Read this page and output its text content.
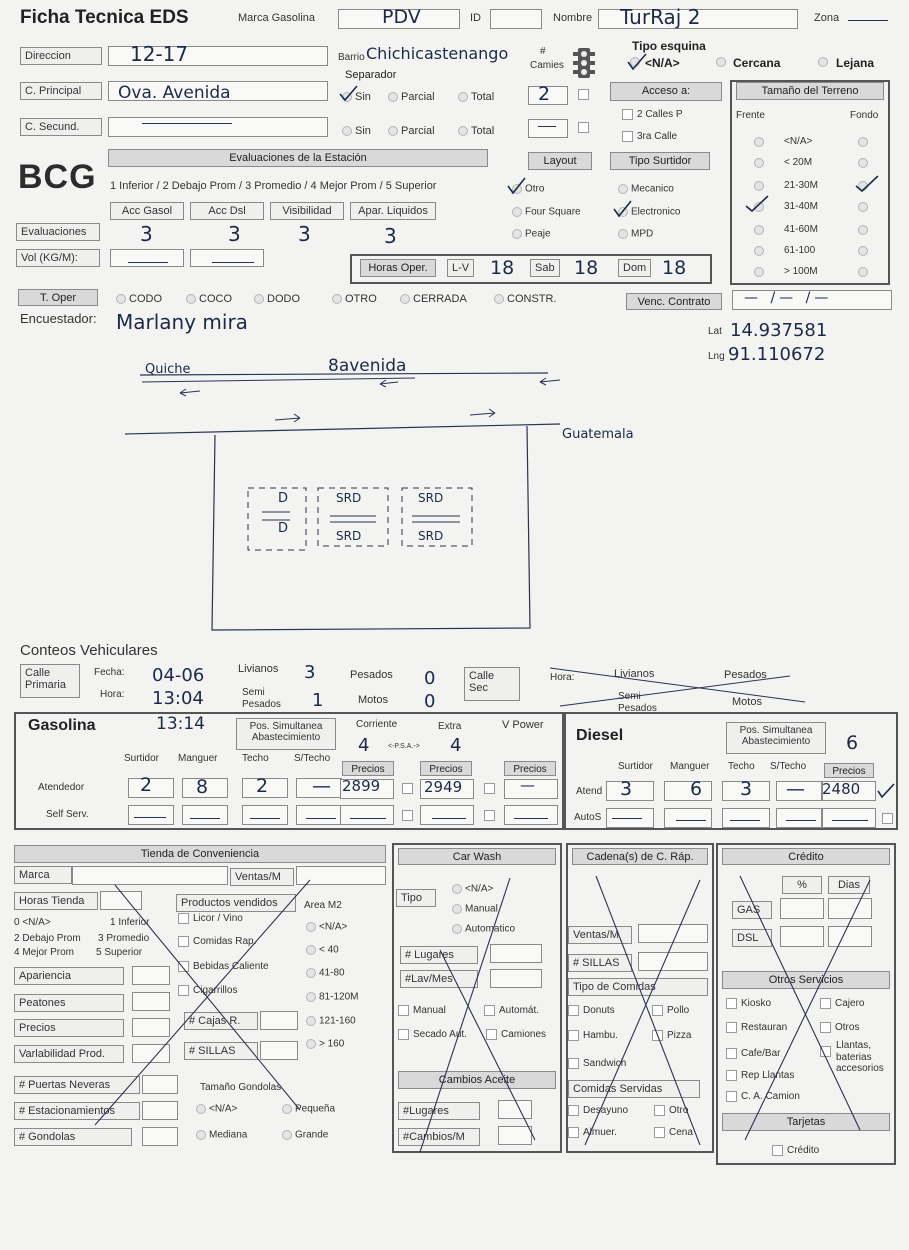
Ficha Tecnica EDS	Marca Gasolina	PDV	ID	Nombre TurRaj 2	Zona
Direccion	12-17	Barrio Chichicastenango	#
Camies
Tipo esquina
<N/A>	Cercana	Lejana
Separador
C. Principal	Ova. Avenida	Sin	Parcial	Total 2	Acceso a:
2 Calles P
3ra Calle
Tamaño del Terreno
Frente	Fondo
<N/A>
< 20M
21-30M
31-40M
41-60M
61-100
> 100M
C. Secund.	Sin	Parcial	Total
BCG	Evaluaciones de la Estación
1 Inferior / 2 Debajo Prom / 3 Promedio / 4 Mejor Prom / 5 Superior
Acc Gasol	Acc Dsl	Visibilidad	Apar. Liquidos
Evaluaciones	3	3	3	3
Vol (KG/M):
Layout
Otro
Four Square
Peaje
Tipo Surtidor
Mecanico
Electronico
MPD
Horas Oper.	L-V 18	Sab 18	Dom 18
T. Oper	CODO	COCO	DODO	OTRO	CERRADA	CONSTR.	Venc. Contrato	— /— /—
Encuestador: Marlany mira	Lat 14.937581
Lng 91.110672
Quiche	8avenida
Guatemala
D
D
SRD
SRD
SRD
SRD
Conteos Vehiculares
Calle Primaria
Fecha: 04-06
Hora: 13:04
Livianos 3
Semi Pesados	1
Pesados 0
Motos 0
Calle Sec
Hora:	Livianos	Pesados
Semi Pesados
Motos
Gasolina	13:14	Pos. Simultanea Abastecimiento
Corriente
4	<-P.S.A.->
Extra
4
V Power
Surtidor Manguer Techo	S/Techo
Precios	Precios	Precios
Atendedor	2 8	2 — 2899	2949	—
Self Serv.
Diesel	Pos. Simultanea Abastecimiento	6
Surtidor Manguer Techo S/Techo	Precios
Atend 3	6 3 — 2480
AutoS
Tienda de Conveniencia
Marca	Ventas/M
Horas Tienda	Productos vendidos	Area M2
0 <N/A>	1 Inferior
2 Debajo Prom 3 Promedio
4 Mejor Prom 5 Superior
Licor / Vino
Comidas Rap.
Bebidas Caliente
Cigarrillos
<N/A>
< 40
41-80
81-120M
121-160
> 160
Apariencia
Peatones
Precios
Varlabilidad Prod.
# Cajas R.
# SILLAS
# Puertas Neveras
# Estacionamientos
# Gondolas
Tamaño Gondolas
<N/A>	Pequeña
Mediana	Grande
Car Wash
Tipo
<N/A>
Manual
Automatico
# Lugares
#Lav/Mes
Manual	Automát.
Secado Aut.	Camiones
Cambios Aceite
#Lugares
#Cambios/M
Cadena(s) de C. Ráp.
Ventas/M
# SILLAS
Tipo de Comidas
Donuts	Pollo
Hambu.	Pizza
Sandwich
Comidas Servidas
Desayuno	Otro
Almuer.	Cena
Crédito
%	Dias
GAS
DSL
Otros Servicios
Kiosko	Cajero
Restauran	Otros
Cafe/Bar
Llantas, baterias accesorios
Rep Llantas
C. A. Camion
Tarjetas
Crédito
